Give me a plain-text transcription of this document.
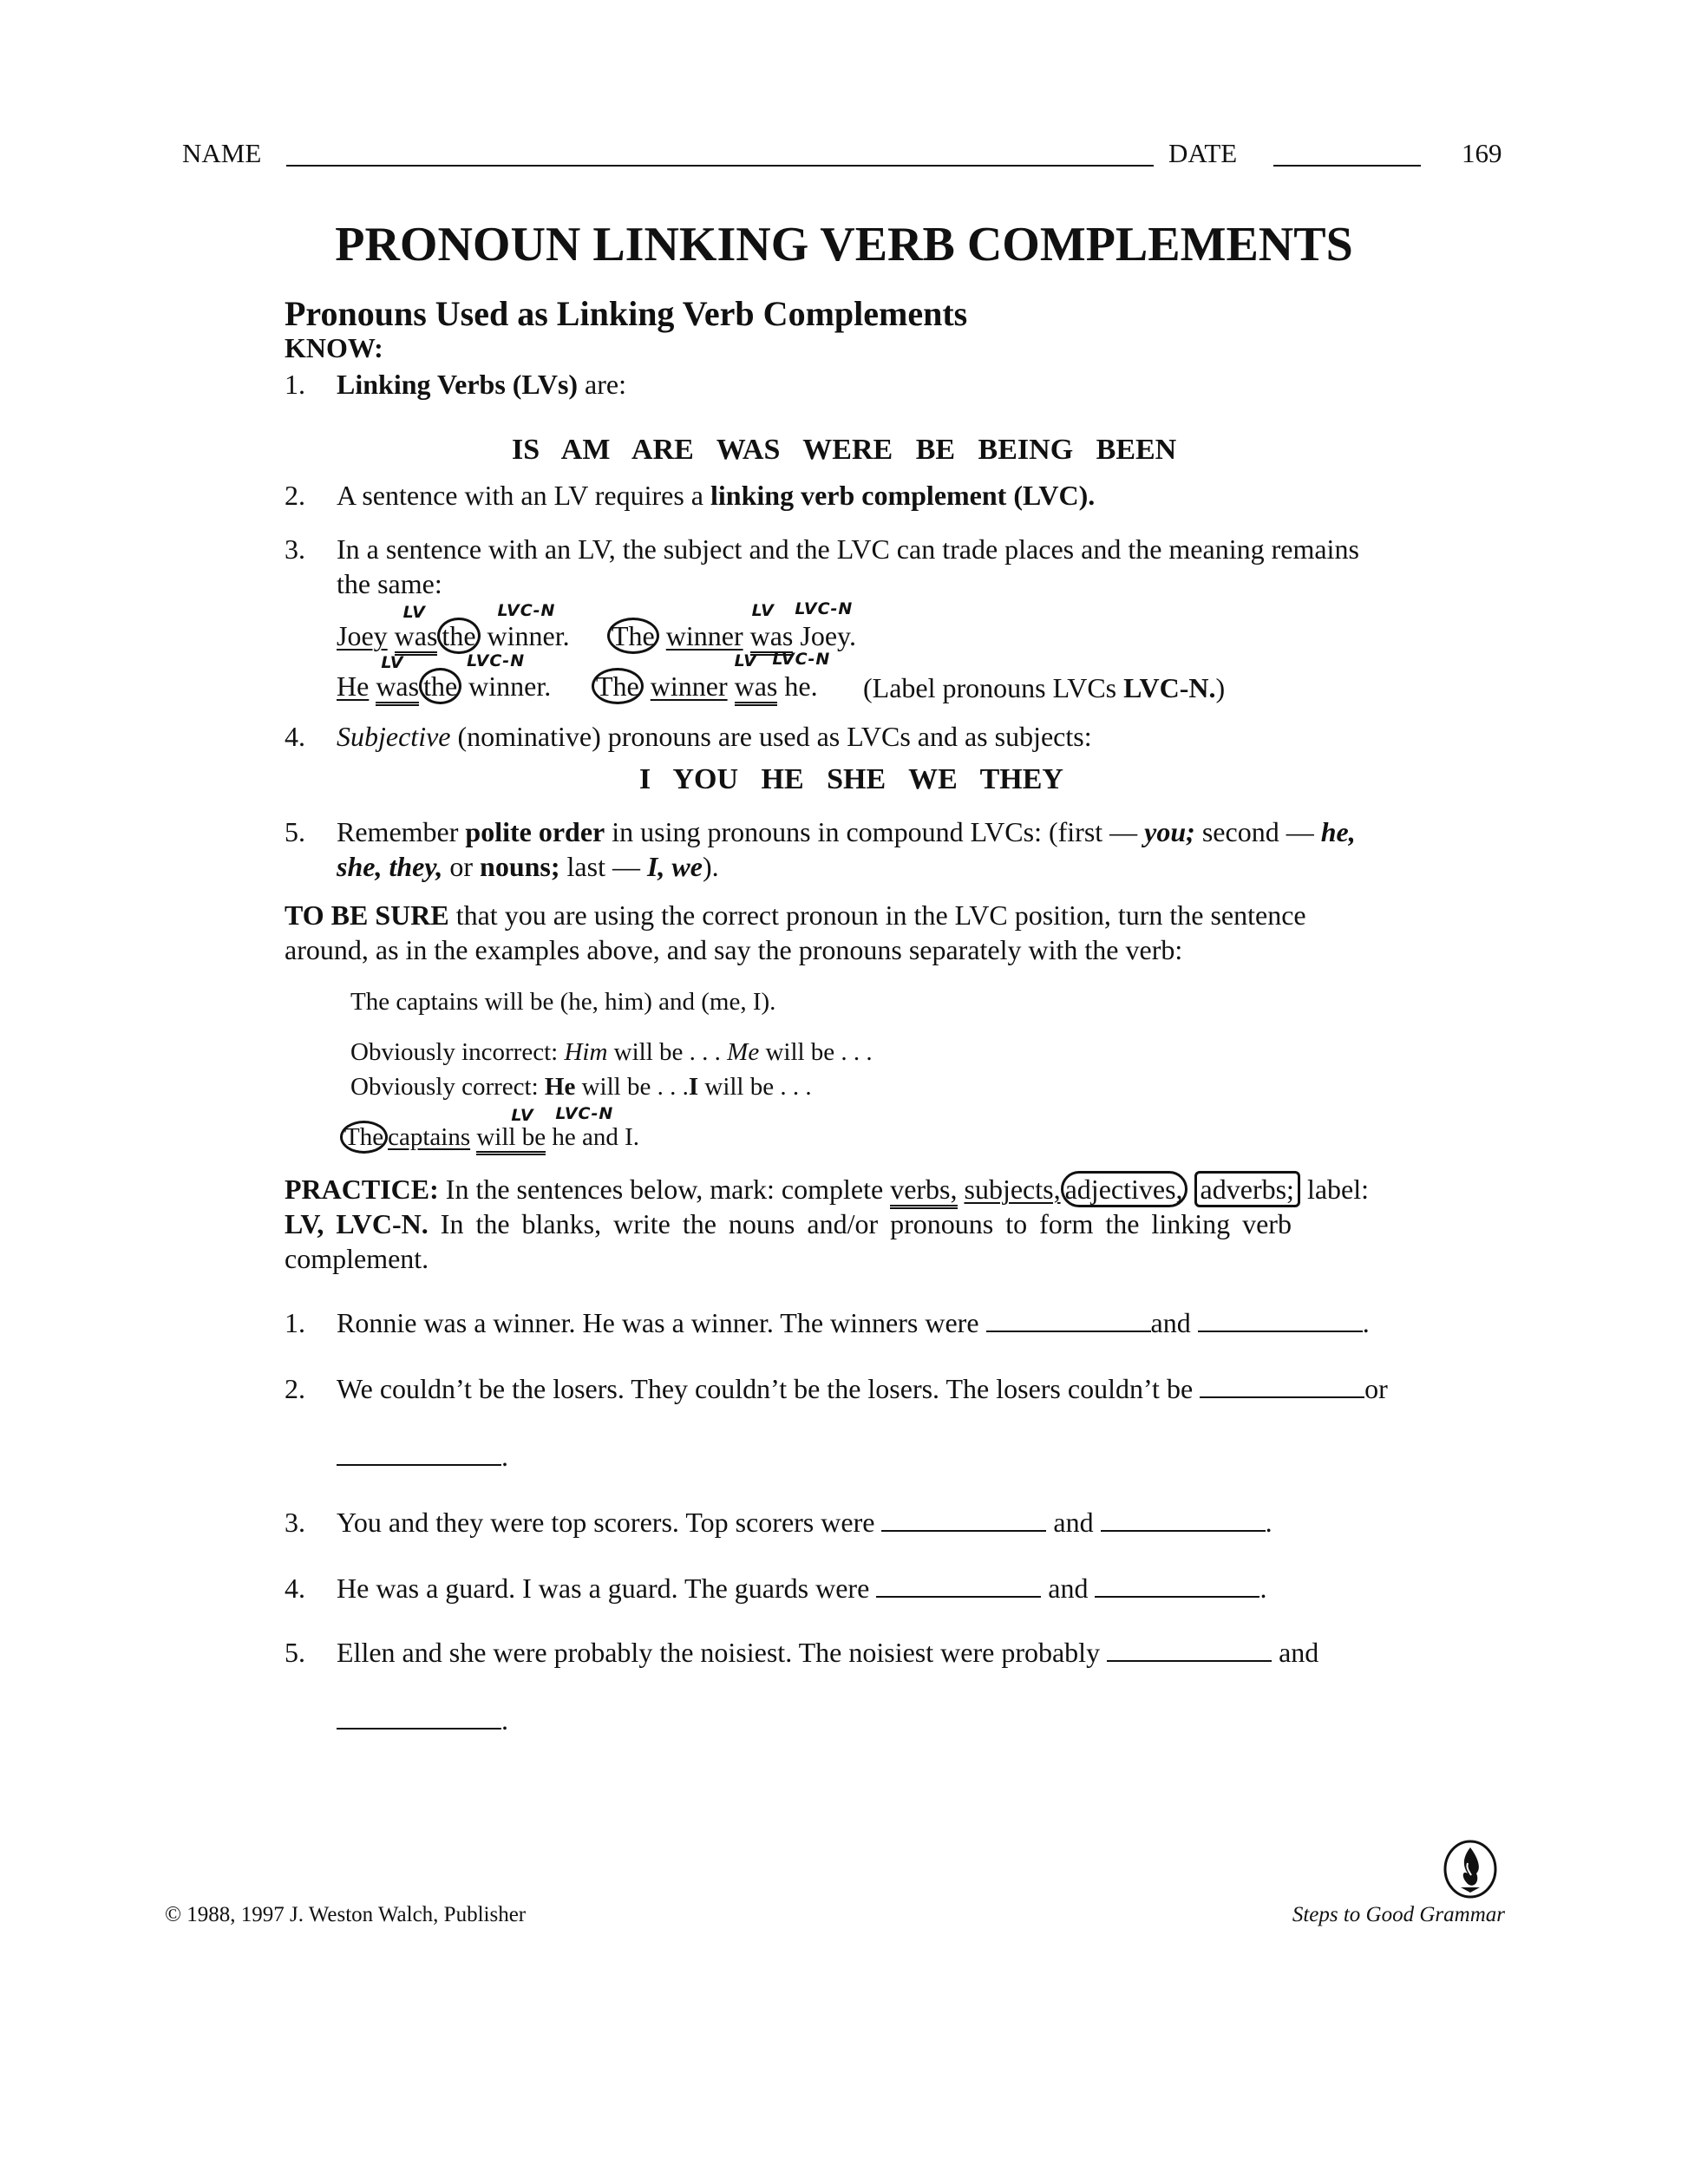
NAME	DATE	169
PRONOUN LINKING VERB COMPLEMENTS
Pronouns Used as Linking Verb Complements
KNOW:
1. Linking Verbs (LVs) are:
IS AM ARE WAS WERE BE BEING BEEN
2. A sentence with an LV requires a linking verb complement (LVC).
3. In a sentence with an LV, the subject and the LVC can trade places and the meaning remains
the same:
Joey
LV
was the
LVC-N
winner. The winner
LV
was
LVC-N
Joey.
He
LV
was the
LVC-N
winner. The winner
LV
was
LVC-N
he. (Label pronouns LVCs LVC-N.)
4. Subjective (nominative) pronouns are used as LVCs and as subjects:
I YOU HE SHE WE THEY
5. Remember polite order in using pronouns in compound LVCs: (first — you; second — he,
she, they, or nouns; last — I, we).
TO BE SURE that you are using the correct pronoun in the LVC position, turn the sentence
around, as in the examples above, and say the pronouns separately with the verb:
The captains will be (he, him) and (me, I).
Obviously incorrect: Him will be . . . Me will be . . .
Obviously correct: He will be . . .I will be . . .
The captains
LV
will be
LVC-N
he and I.
PRACTICE: In the sentences below, mark: complete verbs, subjects, adjectives, adverbs; label:
LV, LVC-N. In the blanks, write the nouns and/or pronouns to form the linking verb
complement.
1. Ronnie was a winner. He was a winner. The winners were	and	.
2. We couldn’t be the losers. They couldn’t be the losers. The losers couldn’t be	or
.
3. You and they were top scorers. Top scorers were	and	.
4. He was a guard. I was a guard. The guards were	and	.
5. Ellen and she were probably the noisiest. The noisiest were probably	and
.
© 1988, 1997 J. Weston Walch, Publisher	Steps to Good Grammar
